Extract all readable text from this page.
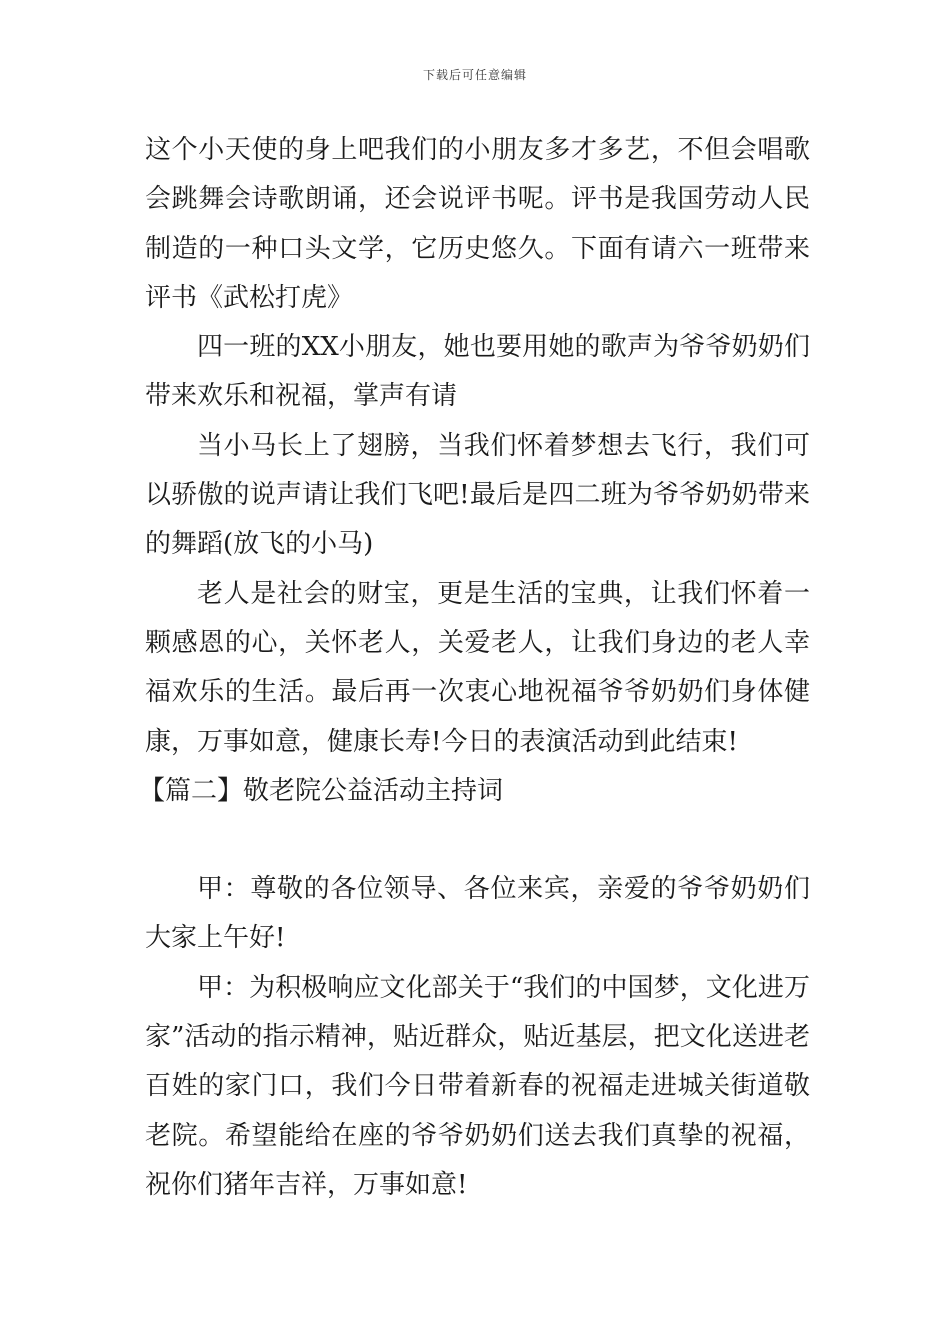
下载后可任意编辑

这个小天使的身上吧我们的小朋友多才多艺，不但会唱歌会跳舞会诗歌朗诵，还会说评书呢。评书是我国劳动人民制造的一种口头文学，它历史悠久。下面有请六一班带来评书《武松打虎》

四一班的XX小朋友，她也要用她的歌声为爷爷奶奶们带来欢乐和祝福，掌声有请

当小马长上了翅膀，当我们怀着梦想去飞行，我们可以骄傲的说声请让我们飞吧!最后是四二班为爷爷奶奶带来的舞蹈(放飞的小马)

老人是社会的财宝，更是生活的宝典，让我们怀着一颗感恩的心，关怀老人，关爱老人，让我们身边的老人幸福欢乐的生活。最后再一次衷心地祝福爷爷奶奶们身体健康，万事如意，健康长寿!今日的表演活动到此结束!

【篇二】敬老院公益活动主持词

甲：尊敬的各位领导、各位来宾，亲爱的爷爷奶奶们大家上午好!

甲：为积极响应文化部关于“我们的中国梦，文化进万家”活动的指示精神，贴近群众，贴近基层，把文化送进老百姓的家门口，我们今日带着新春的祝福走进城关街道敬老院。希望能给在座的爷爷奶奶们送去我们真挚的祝福，祝你们猪年吉祥，万事如意!
